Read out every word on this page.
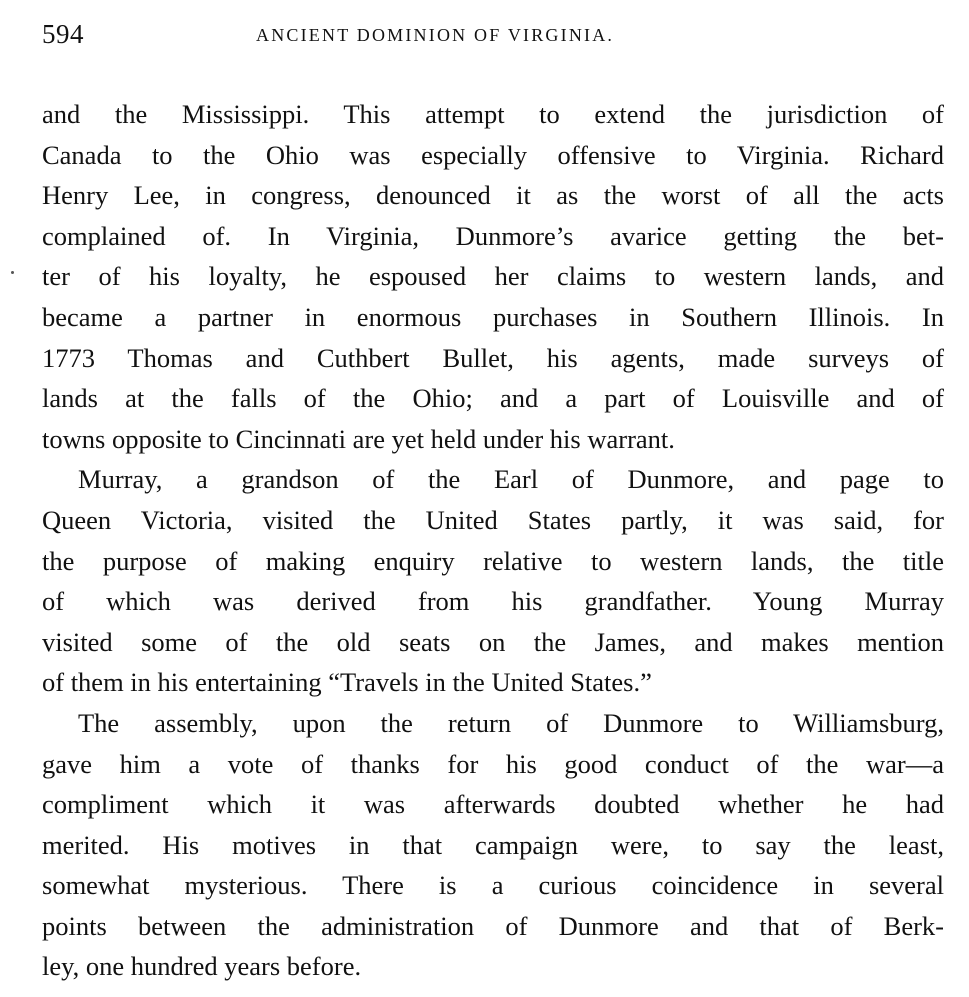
594	ANCIENT DOMINION OF VIRGINIA.

and the Mississippi. This attempt to extend the jurisdiction of
Canada to the Ohio was especially offensive to Virginia. Richard
Henry Lee, in congress, denounced it as the worst of all the acts
complained of. In Virginia, Dunmore’s avarice getting the bet-
ter of his loyalty, he espoused her claims to western lands, and
became a partner in enormous purchases in Southern Illinois. In
1773 Thomas and Cuthbert Bullet, his agents, made surveys of
lands at the falls of the Ohio; and a part of Louisville and of
towns opposite to Cincinnati are yet held under his warrant.

Murray, a grandson of the Earl of Dunmore, and page to
Queen Victoria, visited the United States partly, it was said, for
the purpose of making enquiry relative to western lands, the title
of which was derived from his grandfather. Young Murray
visited some of the old seats on the James, and makes mention
of them in his entertaining “Travels in the United States.”

The assembly, upon the return of Dunmore to Williamsburg,
gave him a vote of thanks for his good conduct of the war—a
compliment which it was afterwards doubted whether he had
merited. His motives in that campaign were, to say the least,
somewhat mysterious. There is a curious coincidence in several
points between the administration of Dunmore and that of Berk-
ley, one hundred years before.
